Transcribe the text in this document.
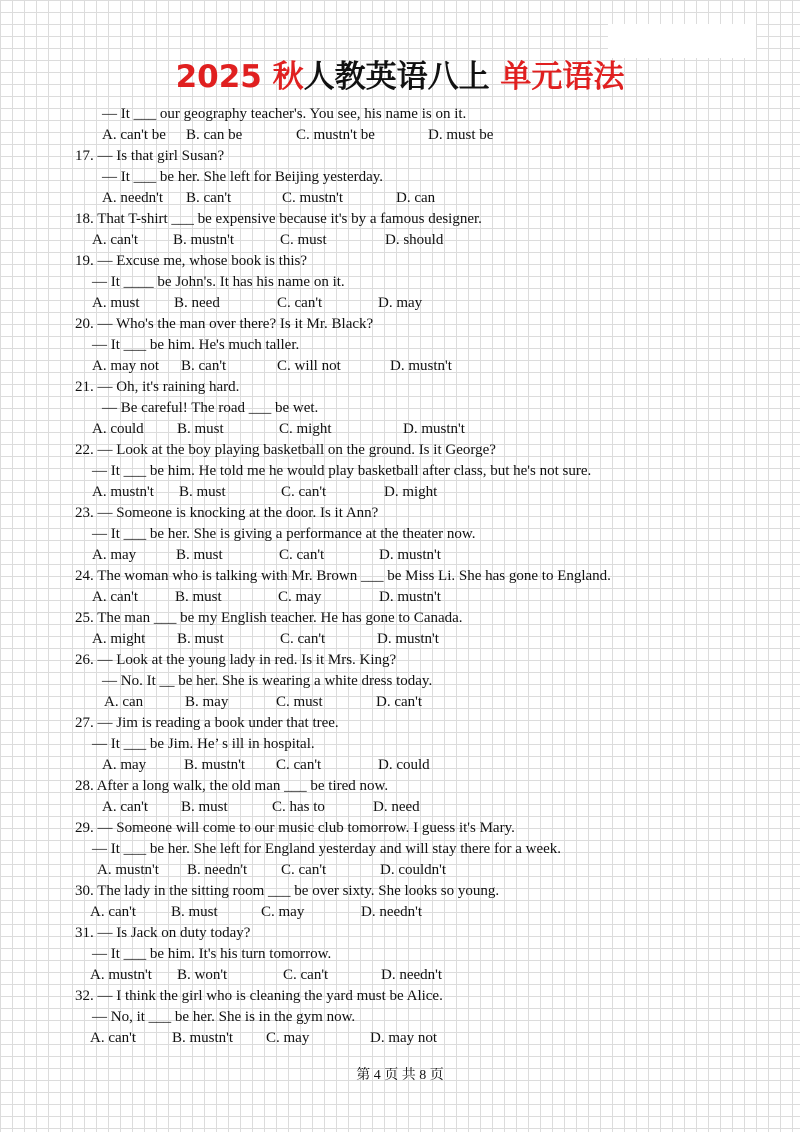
2025 秋人教英语八上 单元语法
— It ___ our geography teacher's. You see, his name is on it.
A. can't be B. can be	C. mustn't be	D. must be
17. — Is that girl Susan?
— It ___ be her. She left for Beijing yesterday.
A. needn't B. can't	C. mustn't	D. can
18. That T-shirt ___ be expensive because it's by a famous designer.
A. can't B. mustn't	C. must	D. should
19. — Excuse me, whose book is this?
— It ____ be John's. It has his name on it.
A. must B. need	C. can't	D. may
20. — Who's the man over there? Is it Mr. Black?
— It ___ be him. He's much taller.
A. may not B. can't	C. will not	D. mustn't
21. — Oh, it's raining hard.
— Be careful! The road ___ be wet.
A. could B. must	C. might	D. mustn't
22. — Look at the boy playing basketball on the ground. Is it George?
— It ___ be him. He told me he would play basketball after class, but he's not sure.
A. mustn't B. must	C. can't	D. might
23. — Someone is knocking at the door. Is it Ann?
— It ___ be her. She is giving a performance at the theater now.
A. may	B. must	C. can't	D. mustn't
24. The woman who is talking with Mr. Brown ___ be Miss Li. She has gone to England.
A. can't B. must	C. may	D. mustn't
25. The man ___ be my English teacher. He has gone to Canada.
A. might B. must	C. can't	D. mustn't
26. — Look at the young lady in red. Is it Mrs. King?
— No. It __ be her. She is wearing a white dress today.
A. can	B. may	C. must	D. can't
27. — Jim is reading a book under that tree.
— It ___ be Jim. He’ s ill in hospital.
A. may	B. mustn't C. can't	D. could
28. After a long walk, the old man ___ be tired now.
A. can't B. must	C. has to	D. need
29. — Someone will come to our music club tomorrow. I guess it's Mary.
— It ___ be her. She left for England yesterday and will stay there for a week.
A. mustn't B. needn't C. can't	D. couldn't
30. The lady in the sitting room ___ be over sixty. She looks so young.
A. can't B. must	C. may	D. needn't
31. — Is Jack on duty today?
— It ___ be him. It's his turn tomorrow.
A. mustn't B. won't	C. can't	D. needn't
32. — I think the girl who is cleaning the yard must be Alice.
— No, it ___ be her. She is in the gym now.
A. can't B. mustn't C. may	D. may not
第 4 页 共 8 页
